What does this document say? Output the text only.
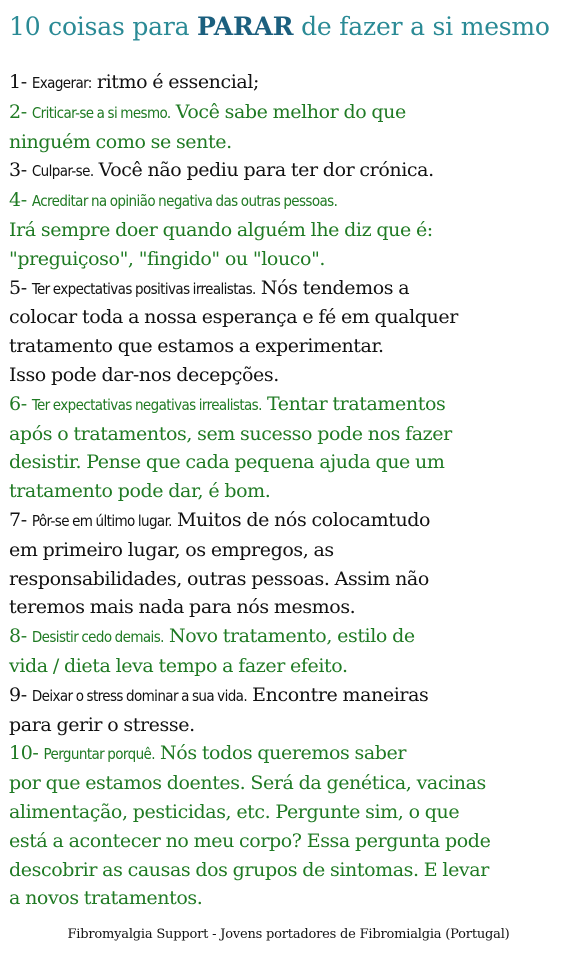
10 coisas para PARAR de fazer a si mesmo
1- Exagerar: ritmo é essencial;
2- Criticar-se a si mesmo. Você sabe melhor do que
ninguém como se sente.
3- Culpar-se. Você não pediu para ter dor crónica.
4- Acreditar na opinião negativa das outras pessoas.
Irá sempre doer quando alguém lhe diz que é:
"preguiçoso", "fingido" ou "louco".
5- Ter expectativas positivas irrealistas. Nós tendemos a
colocar toda a nossa esperança e fé em qualquer
tratamento que estamos a experimentar.
Isso pode dar-nos decepções.
6- Ter expectativas negativas irrealistas. Tentar tratamentos
após o tratamentos, sem sucesso pode nos fazer
desistir. Pense que cada pequena ajuda que um
tratamento pode dar, é bom.
7- Pôr-se em último lugar. Muitos de nós colocamtudo
em primeiro lugar, os empregos, as
responsabilidades, outras pessoas. Assim não
teremos mais nada para nós mesmos.
8- Desistir cedo demais. Novo tratamento, estilo de
vida / dieta leva tempo a fazer efeito.
9- Deixar o stress dominar a sua vida. Encontre maneiras
para gerir o stresse.
10- Perguntar porquê. Nós todos queremos saber
por que estamos doentes. Será da genética, vacinas
alimentação, pesticidas, etc. Pergunte sim, o que
está a acontecer no meu corpo? Essa pergunta pode
descobrir as causas dos grupos de sintomas. E levar
a novos tratamentos.
Fibromyalgia Support - Jovens portadores de Fibromialgia (Portugal)
